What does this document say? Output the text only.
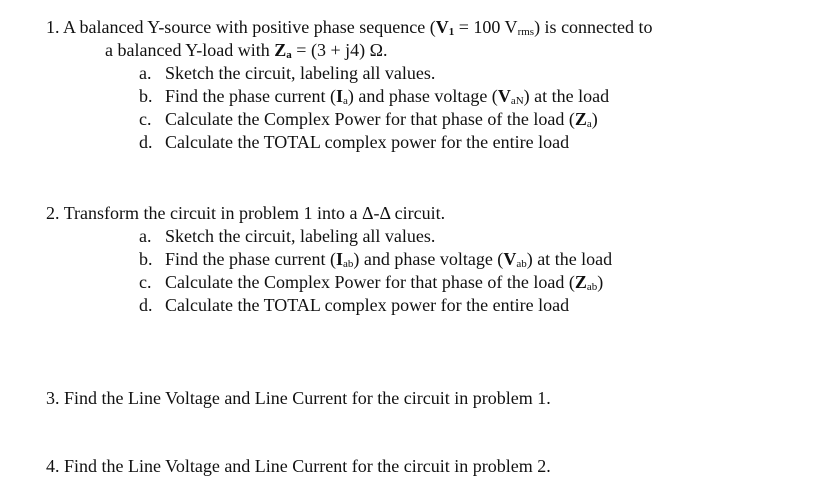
1. A balanced Y-source with positive phase sequence (V1 = 100 Vrms) is connected to
a balanced Y-load with Za = (3 + j4) Ω.
a. Sketch the circuit, labeling all values.
b. Find the phase current (Ia) and phase voltage (VaN) at the load
c. Calculate the Complex Power for that phase of the load (Za)
d. Calculate the TOTAL complex power for the entire load
2. Transform the circuit in problem 1 into a Δ-Δ circuit.
a. Sketch the circuit, labeling all values.
b. Find the phase current (Iab) and phase voltage (Vab) at the load
c. Calculate the Complex Power for that phase of the load (Zab)
d. Calculate the TOTAL complex power for the entire load
3. Find the Line Voltage and Line Current for the circuit in problem 1.
4. Find the Line Voltage and Line Current for the circuit in problem 2.
